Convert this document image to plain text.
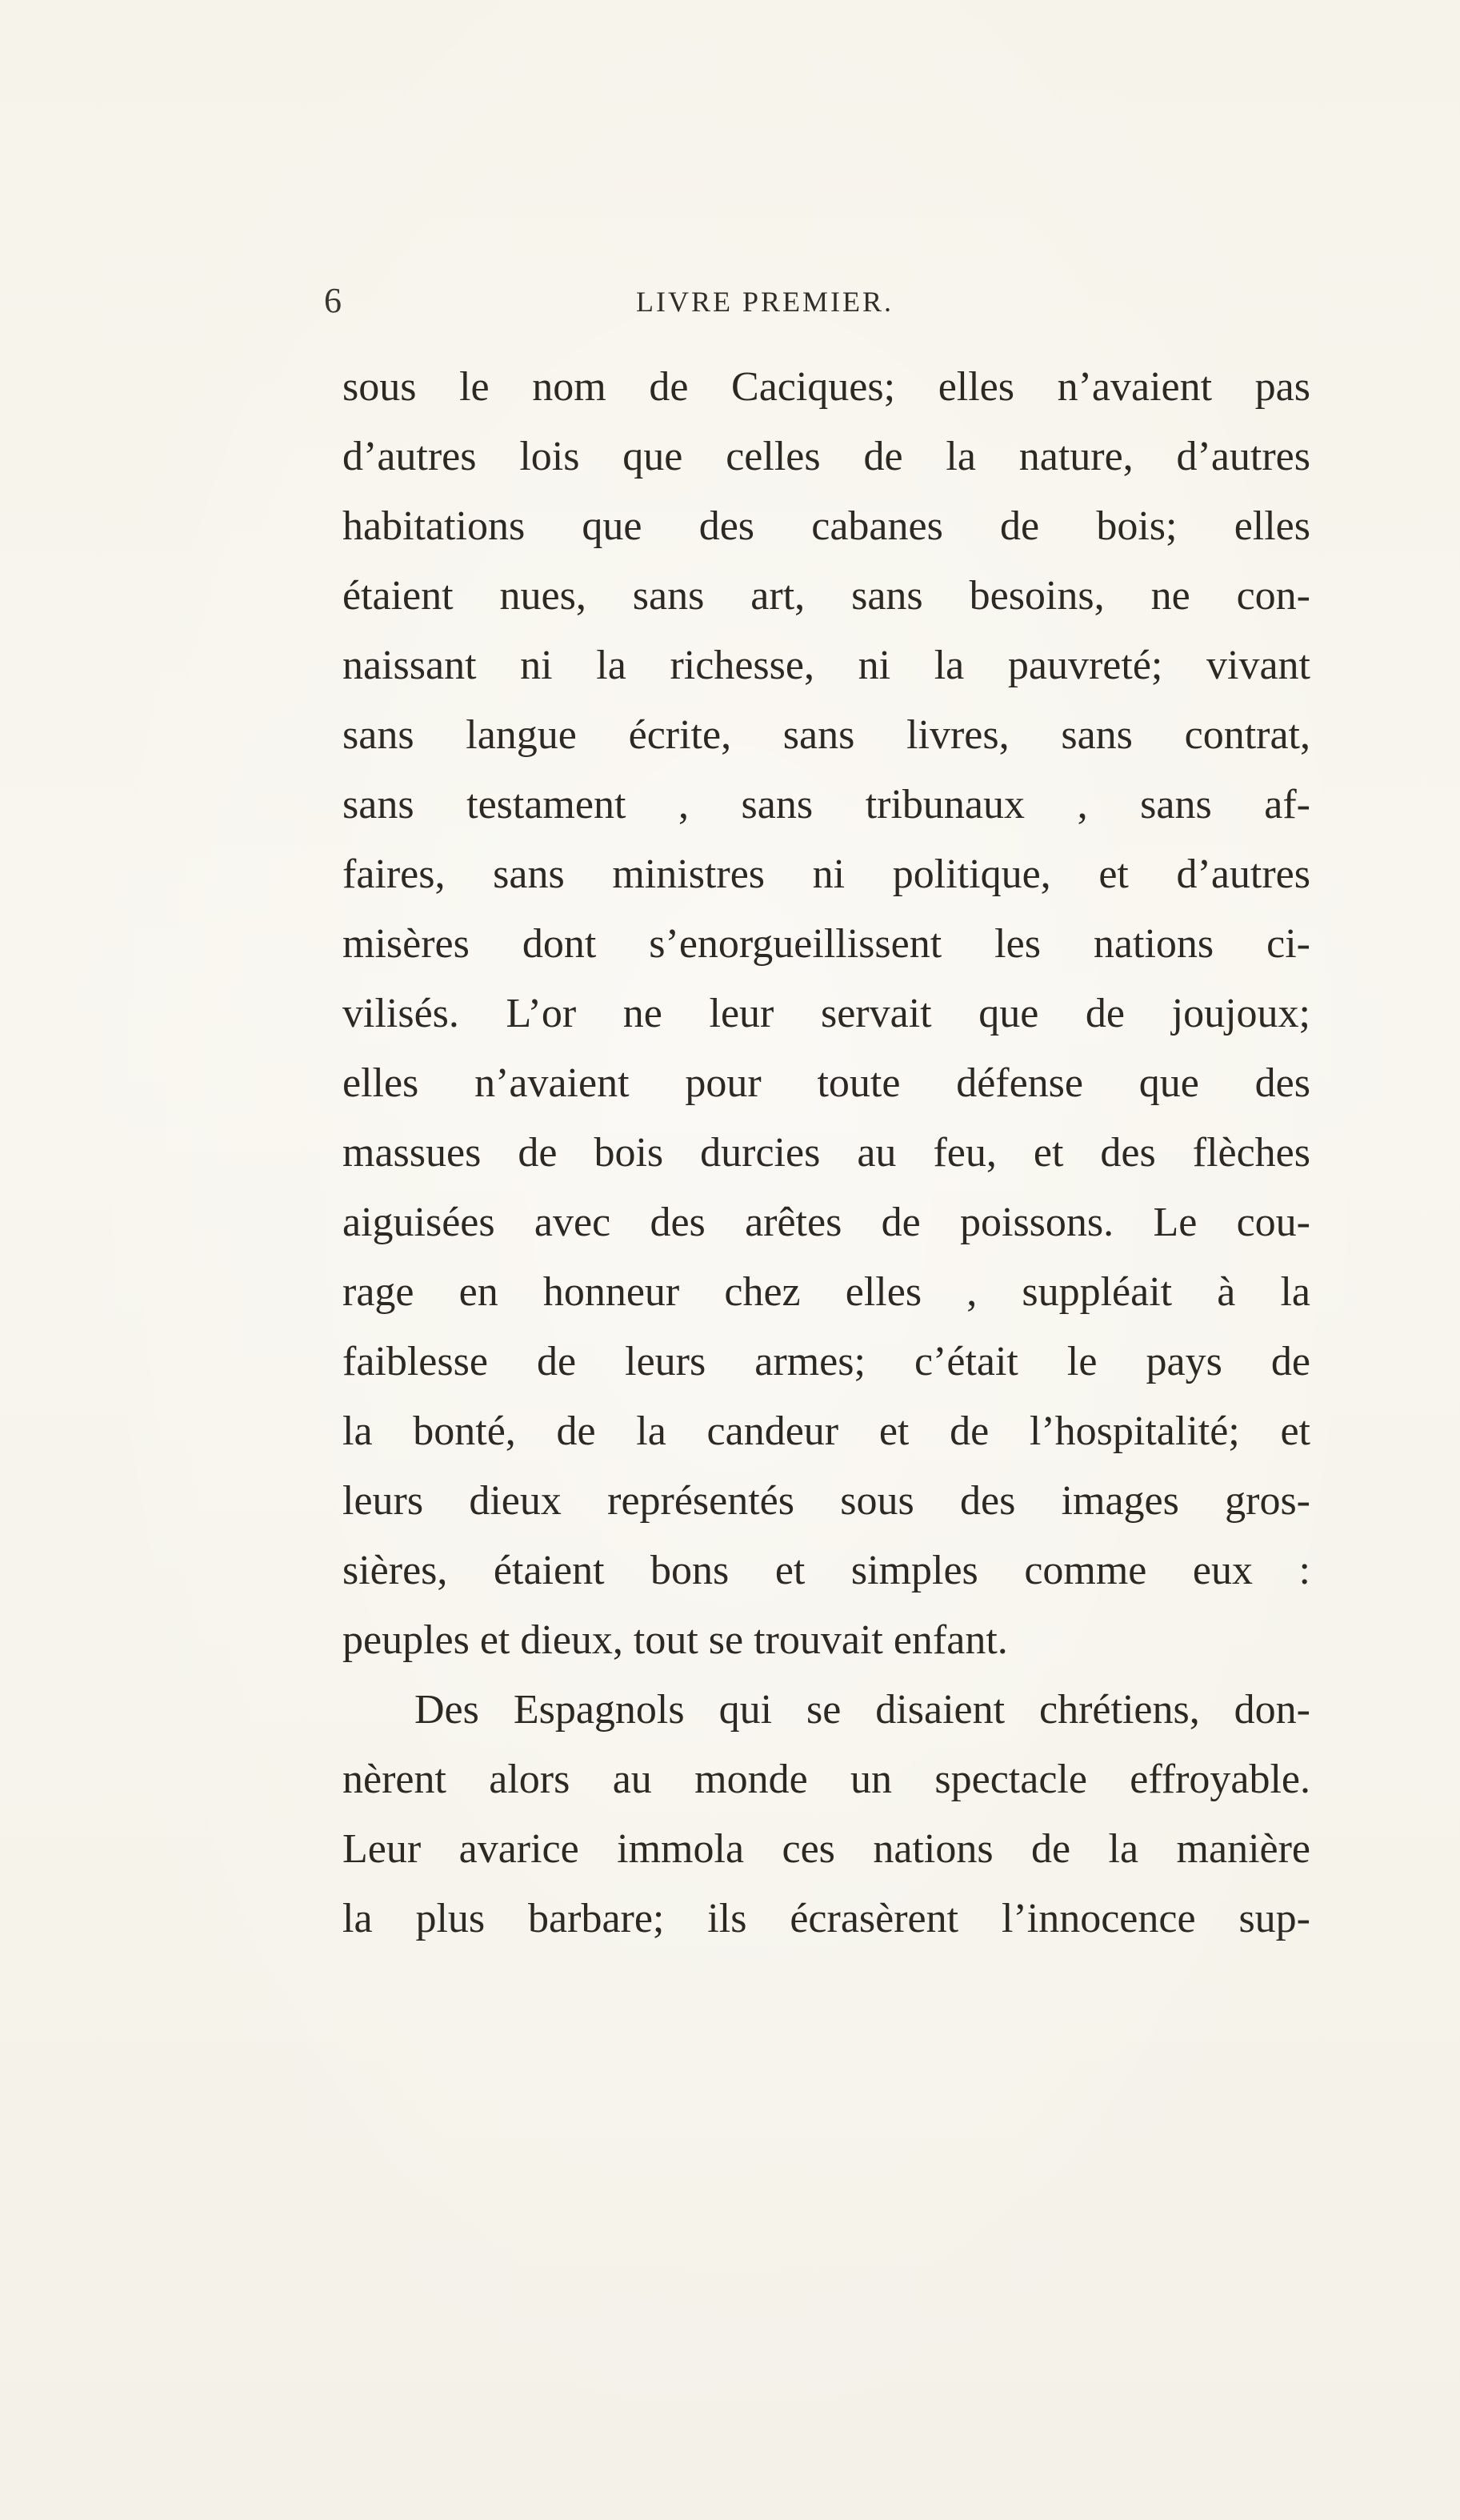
6	LIVRE PREMIER.
sous le nom de Caciques; elles n’avaient pas
d’autres lois que celles de la nature, d’autres
habitations que des cabanes de bois; elles
étaient nues, sans art, sans besoins, ne con-
naissant ni la richesse, ni la pauvreté; vivant
sans langue écrite, sans livres, sans contrat,
sans testament , sans tribunaux , sans af-
faires, sans ministres ni politique, et d’autres
misères dont s’enorgueillissent les nations ci-
vilisés. L’or ne leur servait que de joujoux;
elles n’avaient pour toute défense que des
massues de bois durcies au feu, et des flèches
aiguisées avec des arêtes de poissons. Le cou-
rage en honneur chez elles , suppléait à la
faiblesse de leurs armes; c’était le pays de
la bonté, de la candeur et de l’hospitalité; et
leurs dieux représentés sous des images gros-
sières, étaient bons et simples comme eux :
peuples et dieux, tout se trouvait enfant.
Des Espagnols qui se disaient chrétiens, don-
nèrent alors au monde un spectacle effroyable.
Leur avarice immola ces nations de la manière
la plus barbare; ils écrasèrent l’innocence sup-
